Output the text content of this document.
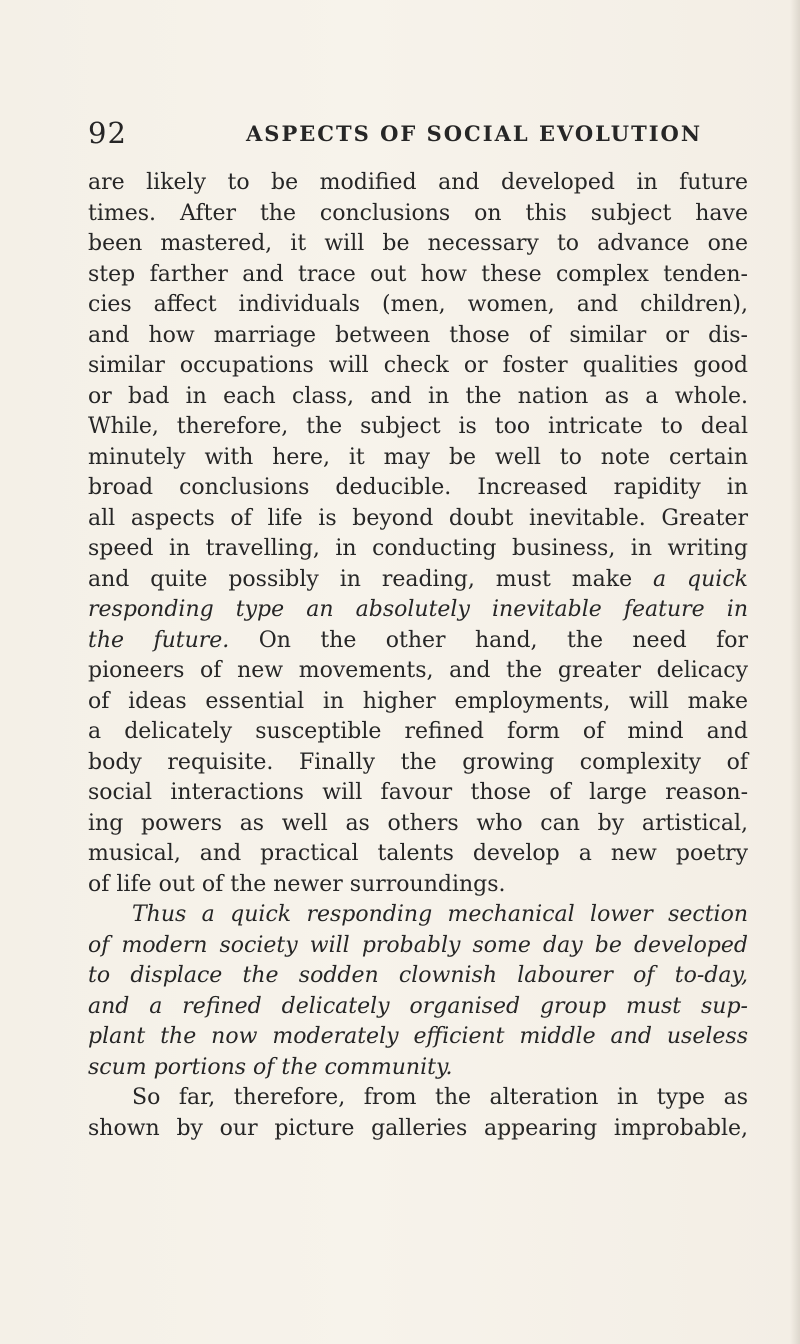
92	ASPECTS OF SOCIAL EVOLUTION
are likely to be modified and developed in future
times. After the conclusions on this subject have
been mastered, it will be necessary to advance one
step farther and trace out how these complex tenden-
cies affect individuals (men, women, and children),
and how marriage between those of similar or dis-
similar occupations will check or foster qualities good
or bad in each class, and in the nation as a whole.
While, therefore, the subject is too intricate to deal
minutely with here, it may be well to note certain
broad conclusions deducible. Increased rapidity in
all aspects of life is beyond doubt inevitable. Greater
speed in travelling, in conducting business, in writing
and quite possibly in reading, must make a quick
responding type an absolutely inevitable feature in
the future. On the other hand, the need for
pioneers of new movements, and the greater delicacy
of ideas essential in higher employments, will make
a delicately susceptible refined form of mind and
body requisite. Finally the growing complexity of
social interactions will favour those of large reason-
ing powers as well as others who can by artistical,
musical, and practical talents develop a new poetry
of life out of the newer surroundings.
Thus a quick responding mechanical lower section
of modern society will probably some day be developed
to displace the sodden clownish labourer of to-day,
and a refined delicately organised group must sup-
plant the now moderately efficient middle and useless
scum portions of the community.
So far, therefore, from the alteration in type as
shown by our picture galleries appearing improbable,
